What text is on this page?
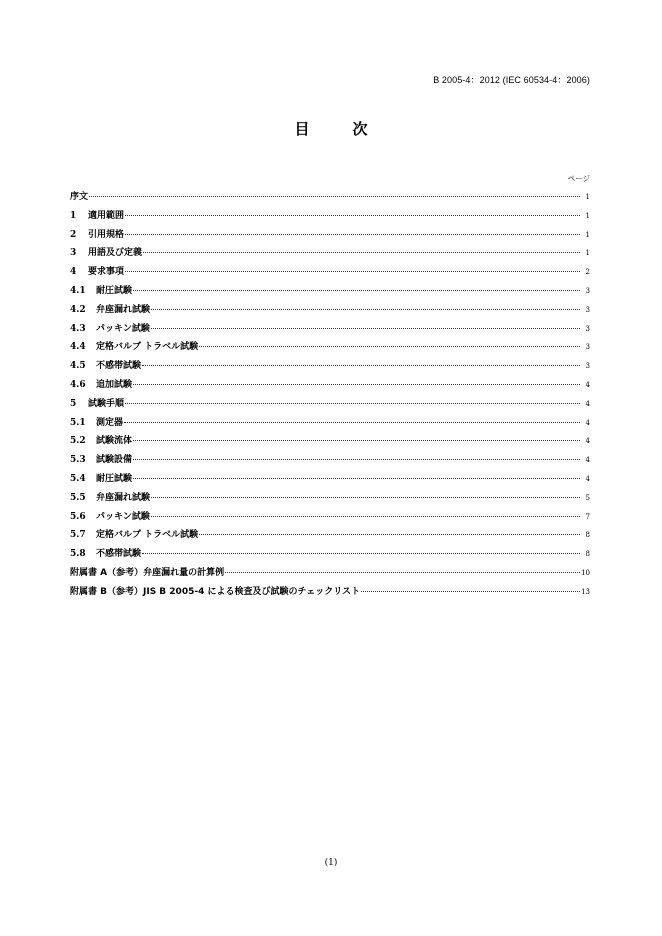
B 2005-4：2012 (IEC 60534-4：2006)
目　次
ページ
序文	1
1	適用範囲	1
2	引用規格	1
3	用語及び定義	1
4	要求事項	2
4.1	耐圧試験	3
4.2	弁座漏れ試験	3
4.3	パッキン試験	3
4.4	定格バルブ トラベル試験	3
4.5	不感帯試験	3
4.6	追加試験	4
5	試験手順	4
5.1	測定器	4
5.2	試験流体	4
5.3	試験設備	4
5.4	耐圧試験	4
5.5	弁座漏れ試験	5
5.6	パッキン試験	7
5.7	定格バルブ トラベル試験	8
5.8	不感帯試験	8
附属書 A（参考）弁座漏れ量の計算例	10
附属書 B（参考）JIS B 2005-4 による検査及び試験のチェックリスト	13
(1)
